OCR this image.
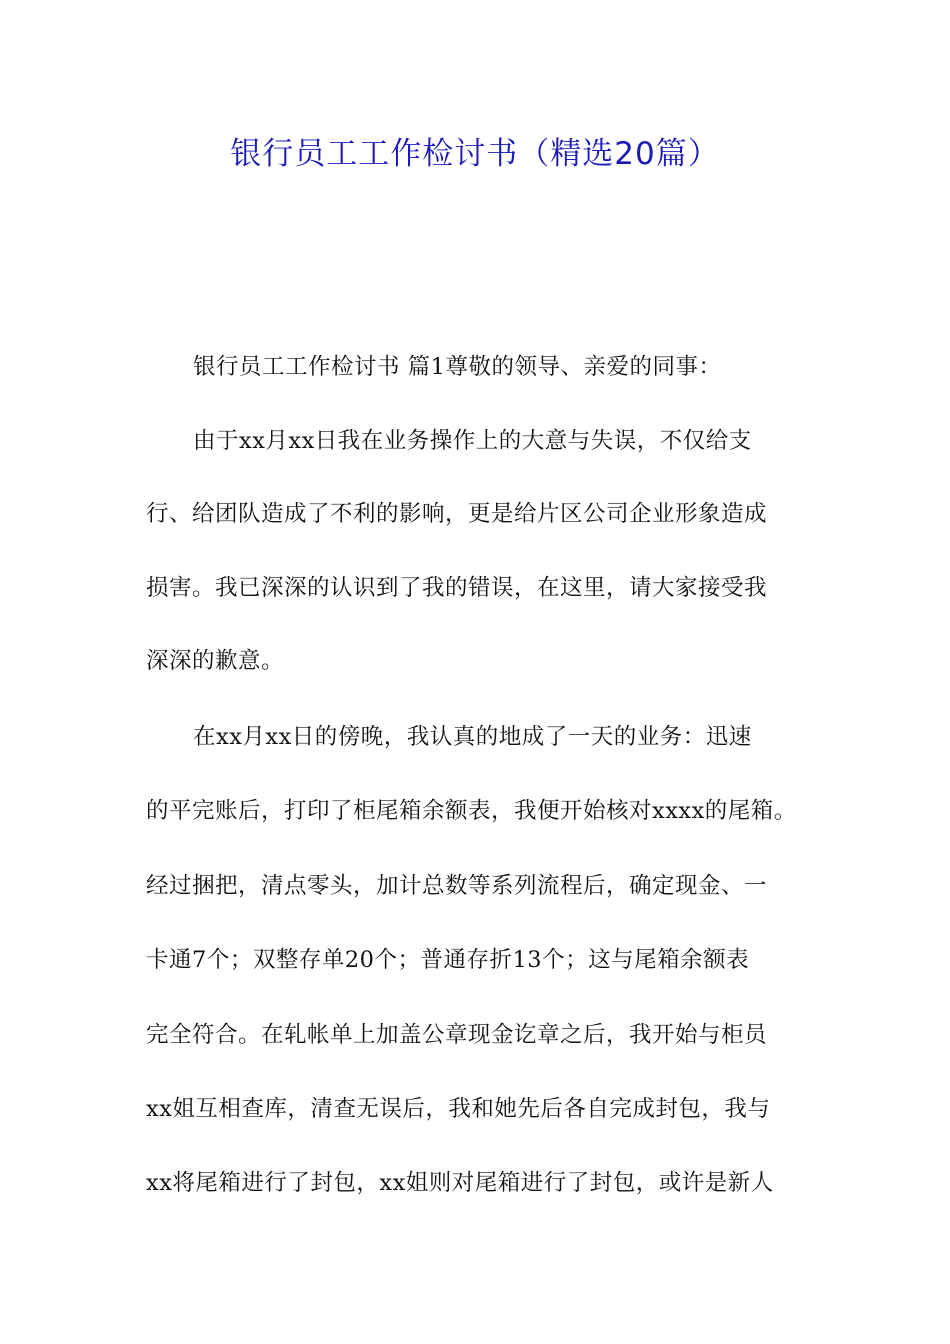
银行员工工作检讨书（精选20篇）
银行员工工作检讨书 篇1尊敬的领导、亲爱的同事：
由于xx月xx日我在业务操作上的大意与失误，不仅给支
行、给团队造成了不利的影响，更是给片区公司企业形象造成
损害。我已深深的认识到了我的错误，在这里，请大家接受我
深深的歉意。
在xx月xx日的傍晚，我认真的地成了一天的业务：迅速
的平完账后，打印了柜尾箱余额表，我便开始核对xxxx的尾箱。
经过捆把，清点零头，加计总数等系列流程后，确定现金、一
卡通7个；双整存单20个；普通存折13个；这与尾箱余额表
完全符合。在轧帐单上加盖公章现金讫章之后，我开始与柜员
xx姐互相查库，清查无误后，我和她先后各自完成封包，我与
xx将尾箱进行了封包，xx姐则对尾箱进行了封包，或许是新人
